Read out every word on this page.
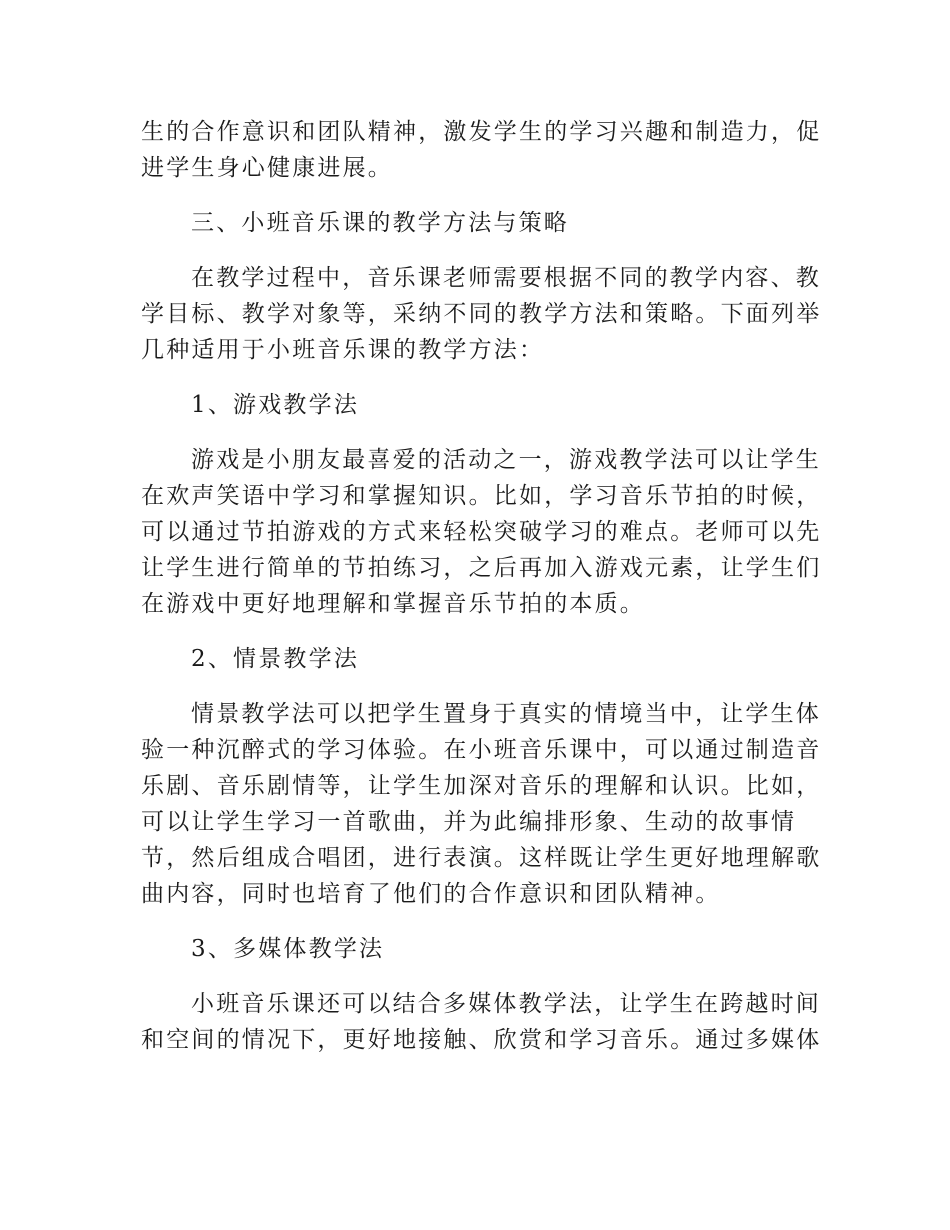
生的合作意识和团队精神，激发学生的学习兴趣和制造力，促
进学生身心健康进展。
三、小班音乐课的教学方法与策略
在教学过程中，音乐课老师需要根据不同的教学内容、教
学目标、教学对象等，采纳不同的教学方法和策略。下面列举
几种适用于小班音乐课的教学方法：
1、游戏教学法
游戏是小朋友最喜爱的活动之一，游戏教学法可以让学生
在欢声笑语中学习和掌握知识。比如，学习音乐节拍的时候，
可以通过节拍游戏的方式来轻松突破学习的难点。老师可以先
让学生进行简单的节拍练习，之后再加入游戏元素，让学生们
在游戏中更好地理解和掌握音乐节拍的本质。
2、情景教学法
情景教学法可以把学生置身于真实的情境当中，让学生体
验一种沉醉式的学习体验。在小班音乐课中，可以通过制造音
乐剧、音乐剧情等，让学生加深对音乐的理解和认识。比如，
可以让学生学习一首歌曲，并为此编排形象、生动的故事情
节，然后组成合唱团，进行表演。这样既让学生更好地理解歌
曲内容，同时也培育了他们的合作意识和团队精神。
3、多媒体教学法
小班音乐课还可以结合多媒体教学法，让学生在跨越时间
和空间的情况下，更好地接触、欣赏和学习音乐。通过多媒体
